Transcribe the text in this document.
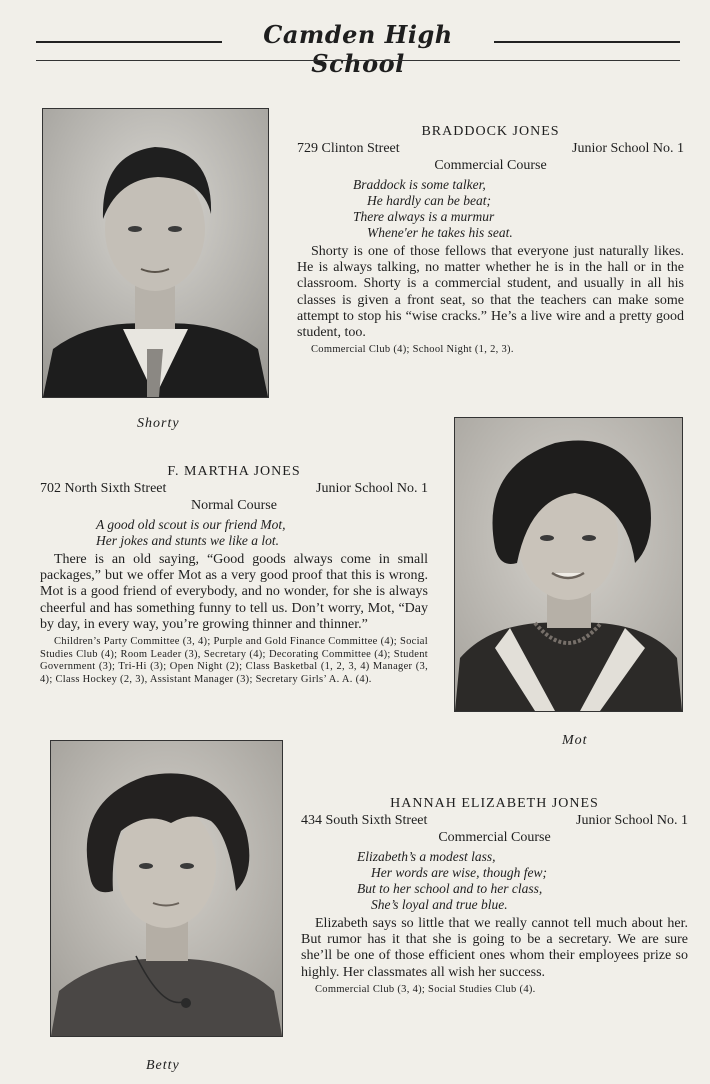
Camden High School
Shorty
BRADDOCK JONES
729 Clinton Street	Junior School No. 1
Commercial Course
Braddock is some talker,
He hardly can be beat;
There always is a murmur
Whene'er he takes his seat.
Shorty is one of those fellows that everyone just naturally likes. He is always talking, no matter whether he is in the hall or in the classroom. Shorty is a commercial student, and usually in all his classes is given a front seat, so that the teachers can make some attempt to stop his “wise cracks.” He’s a live wire and a pretty good student, too.
Commercial Club (4); School Night (1, 2, 3).
F. MARTHA JONES
702 North Sixth Street	Junior School No. 1
Normal Course
A good old scout is our friend Mot,
Her jokes and stunts we like a lot.
There is an old saying, “Good goods always come in small packages,” but we offer Mot as a very good proof that this is wrong. Mot is a good friend of everybody, and no wonder, for she is always cheerful and has something funny to tell us. Don’t worry, Mot, “Day by day, in every way, you’re growing thinner and thinner.”
Children’s Party Committee (3, 4); Purple and Gold Finance Committee (4); Social Studies Club (4); Room Leader (3), Secretary (4); Decorating Committee (4); Student Government (3); Tri-Hi (3); Open Night (2); Class Basketbal (1, 2, 3, 4) Manager (3, 4); Class Hockey (2, 3), Assistant Manager (3); Secretary Girls’ A. A. (4).
Mot
Betty
HANNAH ELIZABETH JONES
434 South Sixth Street	Junior School No. 1
Commercial Course
Elizabeth’s a modest lass,
Her words are wise, though few;
But to her school and to her class,
She’s loyal and true blue.
Elizabeth says so little that we really cannot tell much about her. But rumor has it that she is going to be a secretary. We are sure she’ll be one of those efficient ones whom their employees prize so highly. Her classmates all wish her success.
Commercial Club (3, 4); Social Studies Club (4).
